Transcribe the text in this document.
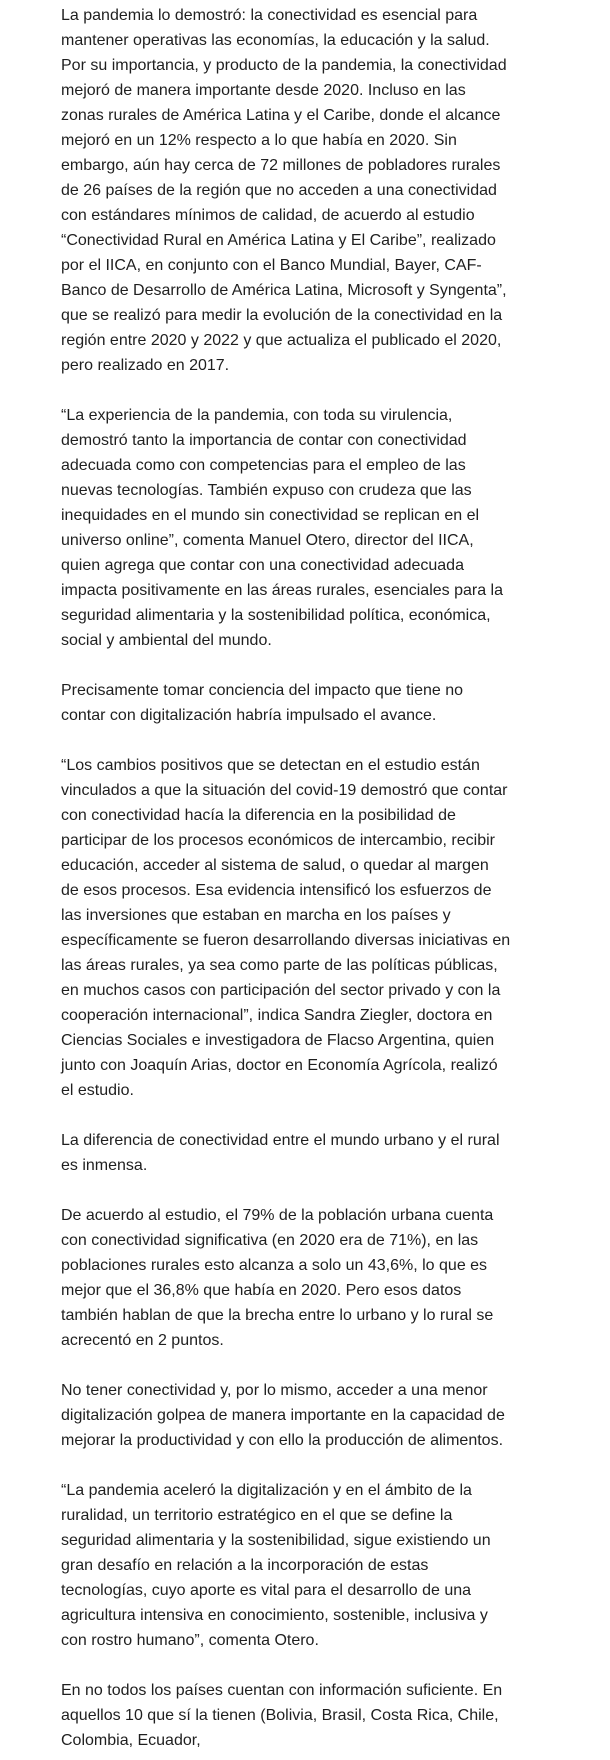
La pandemia lo demostró: la conectividad es esencial para
mantener operativas las economías, la educación y la salud.
Por su importancia, y producto de la pandemia, la conectividad
mejoró de manera importante desde 2020. Incluso en las
zonas rurales de América Latina y el Caribe, donde el alcance
mejoró en un 12% respecto a lo que había en 2020. Sin
embargo, aún hay cerca de 72 millones de pobladores rurales
de 26 países de la región que no acceden a una conectividad
con estándares mínimos de calidad, de acuerdo al estudio
“Conectividad Rural en América Latina y El Caribe”, realizado
por el IICA, en conjunto con el Banco Mundial, Bayer, CAF-
Banco de Desarrollo de América Latina, Microsoft y Syngenta”,
que se realizó para medir la evolución de la conectividad en la
región entre 2020 y 2022 y que actualiza el publicado el 2020,
pero realizado en 2017.

“La experiencia de la pandemia, con toda su virulencia,
demostró tanto la importancia de contar con conectividad
adecuada como con competencias para el empleo de las
nuevas tecnologías. También expuso con crudeza que las
inequidades en el mundo sin conectividad se replican en el
universo online”, comenta Manuel Otero, director del IICA,
quien agrega que contar con una conectividad adecuada
impacta positivamente en las áreas rurales, esenciales para la
seguridad alimentaria y la sostenibilidad política, económica,
social y ambiental del mundo.

Precisamente tomar conciencia del impacto que tiene no
contar con digitalización habría impulsado el avance.

“Los cambios positivos que se detectan en el estudio están
vinculados a que la situación del covid-19 demostró que contar
con conectividad hacía la diferencia en la posibilidad de
participar de los procesos económicos de intercambio, recibir
educación, acceder al sistema de salud, o quedar al margen
de esos procesos. Esa evidencia intensificó los esfuerzos de
las inversiones que estaban en marcha en los países y
específicamente se fueron desarrollando diversas iniciativas en
las áreas rurales, ya sea como parte de las políticas públicas,
en muchos casos con participación del sector privado y con la
cooperación internacional”, indica Sandra Ziegler, doctora en
Ciencias Sociales e investigadora de Flacso Argentina, quien
junto con Joaquín Arias, doctor en Economía Agrícola, realizó
el estudio.

La diferencia de conectividad entre el mundo urbano y el rural
es inmensa.

De acuerdo al estudio, el 79% de la población urbana cuenta
con conectividad significativa (en 2020 era de 71%), en las
poblaciones rurales esto alcanza a solo un 43,6%, lo que es
mejor que el 36,8% que había en 2020. Pero esos datos
también hablan de que la brecha entre lo urbano y lo rural se
acrecentó en 2 puntos.

No tener conectividad y, por lo mismo, acceder a una menor
digitalización golpea de manera importante en la capacidad de
mejorar la productividad y con ello la producción de alimentos.

“La pandemia aceleró la digitalización y en el ámbito de la
ruralidad, un territorio estratégico en el que se define la
seguridad alimentaria y la sostenibilidad, sigue existiendo un
gran desafío en relación a la incorporación de estas
tecnologías, cuyo aporte es vital para el desarrollo de una
agricultura intensiva en conocimiento, sostenible, inclusiva y
con rostro humano”, comenta Otero.

En no todos los países cuentan con información suficiente. En
aquellos 10 que sí la tienen (Bolivia, Brasil, Costa Rica, Chile,
Colombia, Ecuador,
